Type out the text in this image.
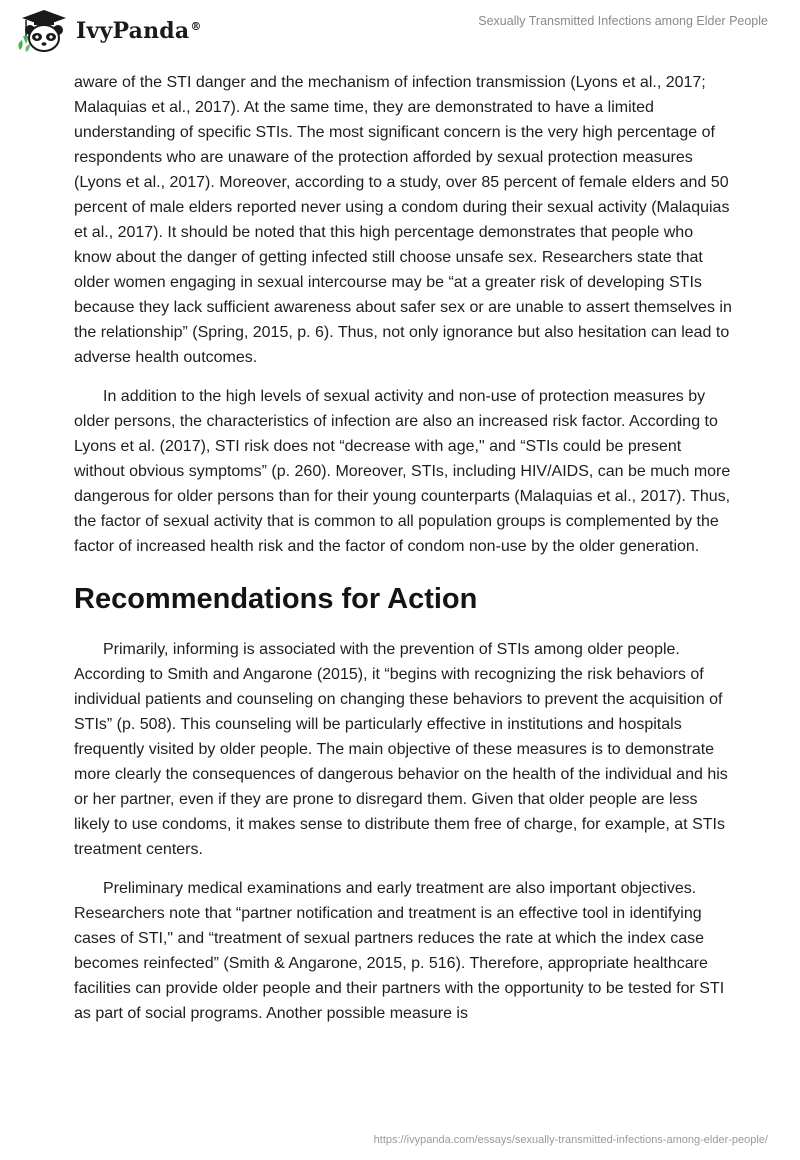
IvyPanda®	Sexually Transmitted Infections among Elder People

aware of the STI danger and the mechanism of infection transmission (Lyons et al., 2017; Malaquias et al., 2017). At the same time, they are demonstrated to have a limited understanding of specific STIs. The most significant concern is the very high percentage of respondents who are unaware of the protection afforded by sexual protection measures (Lyons et al., 2017). Moreover, according to a study, over 85 percent of female elders and 50 percent of male elders reported never using a condom during their sexual activity (Malaquias et al., 2017). It should be noted that this high percentage demonstrates that people who know about the danger of getting infected still choose unsafe sex. Researchers state that older women engaging in sexual intercourse may be “at a greater risk of developing STIs because they lack sufficient awareness about safer sex or are unable to assert themselves in the relationship” (Spring, 2015, p. 6). Thus, not only ignorance but also hesitation can lead to adverse health outcomes.

In addition to the high levels of sexual activity and non-use of protection measures by older persons, the characteristics of infection are also an increased risk factor. According to Lyons et al. (2017), STI risk does not “decrease with age," and “STIs could be present without obvious symptoms” (p. 260). Moreover, STIs, including HIV/AIDS, can be much more dangerous for older persons than for their young counterparts (Malaquias et al., 2017). Thus, the factor of sexual activity that is common to all population groups is complemented by the factor of increased health risk and the factor of condom non-use by the older generation.

Recommendations for Action

Primarily, informing is associated with the prevention of STIs among older people. According to Smith and Angarone (2015), it “begins with recognizing the risk behaviors of individual patients and counseling on changing these behaviors to prevent the acquisition of STIs” (p. 508). This counseling will be particularly effective in institutions and hospitals frequently visited by older people. The main objective of these measures is to demonstrate more clearly the consequences of dangerous behavior on the health of the individual and his or her partner, even if they are prone to disregard them. Given that older people are less likely to use condoms, it makes sense to distribute them free of charge, for example, at STIs treatment centers.

Preliminary medical examinations and early treatment are also important objectives. Researchers note that “partner notification and treatment is an effective tool in identifying cases of STI," and “treatment of sexual partners reduces the rate at which the index case becomes reinfected” (Smith & Angarone, 2015, p. 516). Therefore, appropriate healthcare facilities can provide older people and their partners with the opportunity to be tested for STI as part of social programs. Another possible measure is

https://ivypanda.com/essays/sexually-transmitted-infections-among-elder-people/
